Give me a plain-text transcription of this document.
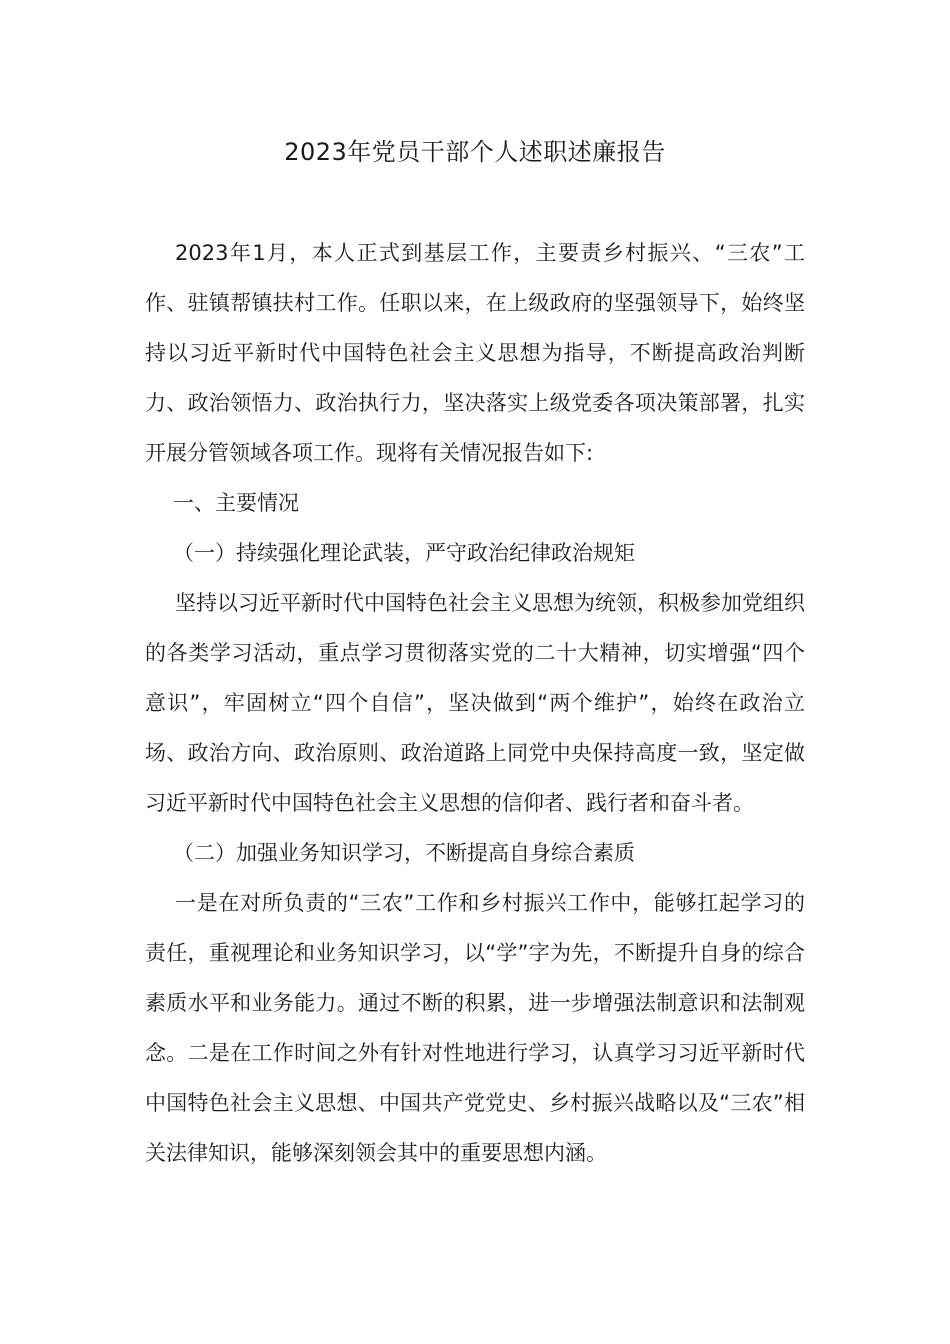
2023年党员干部个人述职述廉报告

2023年1月，本人正式到基层工作，主要责乡村振兴、“三农”工作、驻镇帮镇扶村工作。任职以来，在上级政府的坚强领导下，始终坚持以习近平新时代中国特色社会主义思想为指导，不断提高政治判断力、政治领悟力、政治执行力，坚决落实上级党委各项决策部署，扎实开展分管领域各项工作。现将有关情况报告如下:

一、主要情况

（一）持续强化理论武装，严守政治纪律政治规矩

坚持以习近平新时代中国特色社会主义思想为统领，积极参加党组织的各类学习活动，重点学习贯彻落实党的二十大精神，切实增强“四个意识”，牢固树立“四个自信”，坚决做到“两个维护”，始终在政治立场、政治方向、政治原则、政治道路上同党中央保持高度一致，坚定做习近平新时代中国特色社会主义思想的信仰者、践行者和奋斗者。

（二）加强业务知识学习，不断提高自身综合素质

一是在对所负责的“三农”工作和乡村振兴工作中，能够扛起学习的责任，重视理论和业务知识学习，以“学”字为先，不断提升自身的综合素质水平和业务能力。通过不断的积累，进一步增强法制意识和法制观念。二是在工作时间之外有针对性地进行学习，认真学习习近平新时代中国特色社会主义思想、中国共产党党史、乡村振兴战略以及“三农”相关法律知识，能够深刻领会其中的重要思想内涵。
